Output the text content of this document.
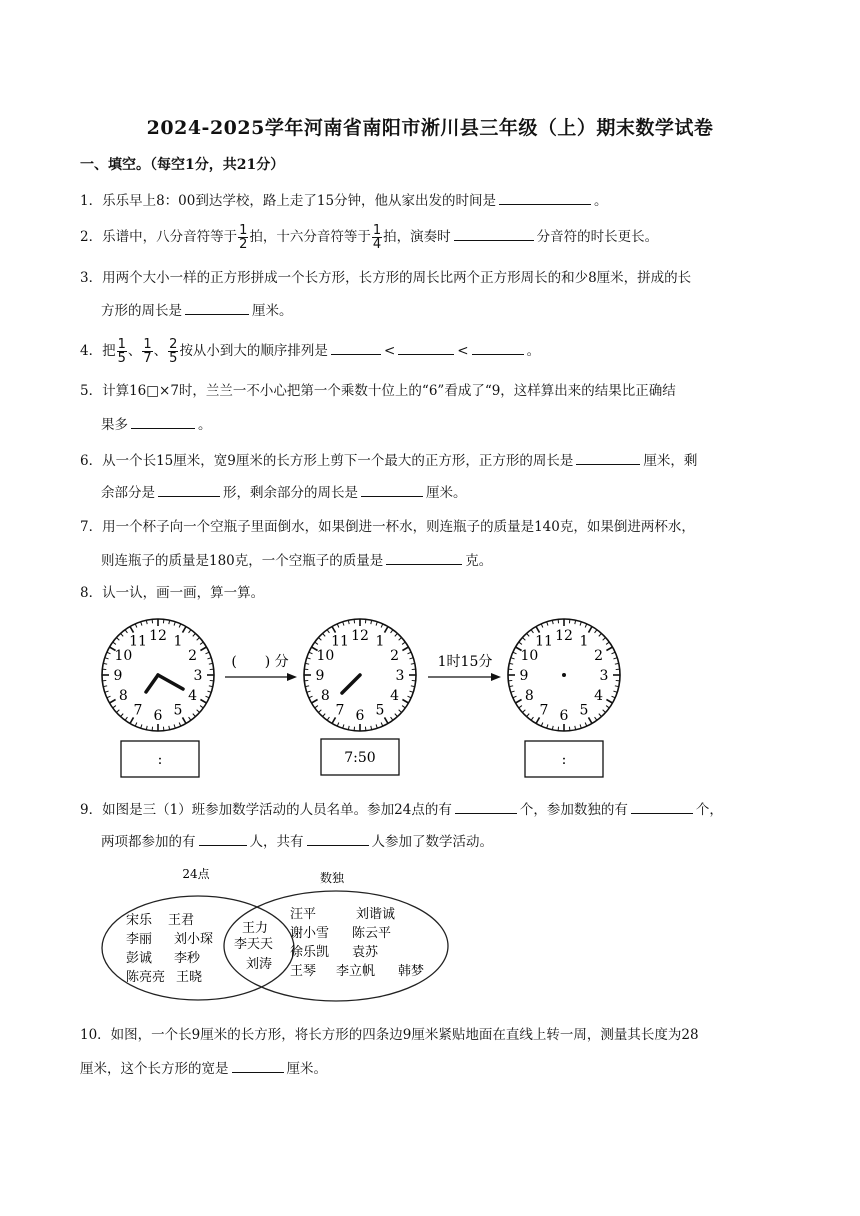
2024-2025学年河南省南阳市淅川县三年级（上）期末数学试卷
一、填空。（每空1分，共21分）
1．乐乐早上8：00到达学校，路上走了15分钟，他从家出发的时间是	。
2．乐谱中，八分音符等于 $\frac{1}{2}$ 拍，十六分音符等于 $\frac{1}{4}$ 拍，演奏时	分音符的时长更长。
3．用两个大小一样的正方形拼成一个长方形，长方形的周长比两个正方形周长的和少8厘米，拼成的长
方形的周长是	厘米。
4．把 $\frac{1}{5}$ 、 $\frac{1}{7}$ 、 $\frac{2}{5}$ 按从小到大的顺序排列是	<	<	。
5．计算16□×7时，兰兰一不小心把第一个乘数十位上的“6”看成了“9，这样算出来的结果比正确结
果多	。
6．从一个长15厘米，宽9厘米的长方形上剪下一个最大的正方形，正方形的周长是	厘米，剩
余部分是	形，剩余部分的周长是	厘米。
7．用一个杯子向一个空瓶子里面倒水，如果倒进一杯水，则连瓶子的质量是140克，如果倒进两杯水，
则连瓶子的质量是180克，一个空瓶子的质量是	克。
8．认一认，画一画，算一算。
12 1
2
3
4
5
6
7
8
9
10
11	12 1
2
3
4
5
6
7
8
9
10
11	12 1
2
3
4
5
6
7
8
9
10
11
(　　) 分	1时15分
:	7:50	:
9．如图是三（1）班参加数学活动的人员名单。参加24点的有	个，参加数独的有	个，
两项都参加的有	人，共有	人参加了数学活动。
24点	数独
宋乐 王君
李丽 刘小琛
彭诚 李秒
陈亮亮 王晓
王力
李天天
刘涛
汪平	刘谐诚
谢小雪 陈云平
徐乐凯 袁苏
王琴 李立帆 韩梦
10．如图，一个长9厘米的长方形，将长方形的四条边9厘米紧贴地面在直线上转一周，测量其长度为28
厘米，这个长方形的宽是	厘米。
